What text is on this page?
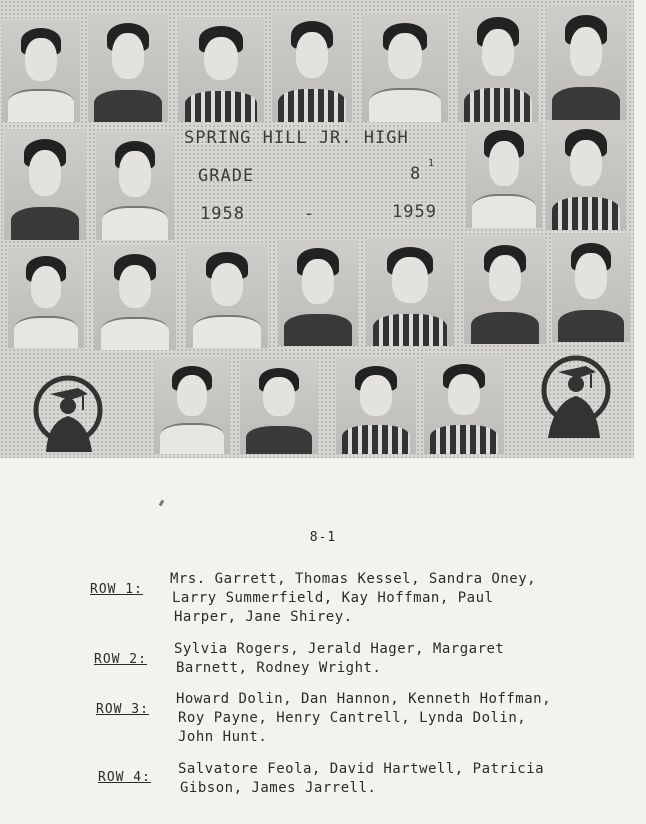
SPRING HILL JR. HIGH
GRADE	8
1
1958	-	1959
8-1
ROW 1:
Mrs. Garrett, Thomas Kessel, Sandra Oney,
Larry Summerfield, Kay Hoffman, Paul
Harper, Jane Shirey.
ROW 2:
Sylvia Rogers, Jerald Hager, Margaret
Barnett, Rodney Wright.
ROW 3:
Howard Dolin, Dan Hannon, Kenneth Hoffman,
Roy Payne, Henry Cantrell, Lynda Dolin,
John Hunt.
ROW 4:
Salvatore Feola, David Hartwell, Patricia
Gibson, James Jarrell.
